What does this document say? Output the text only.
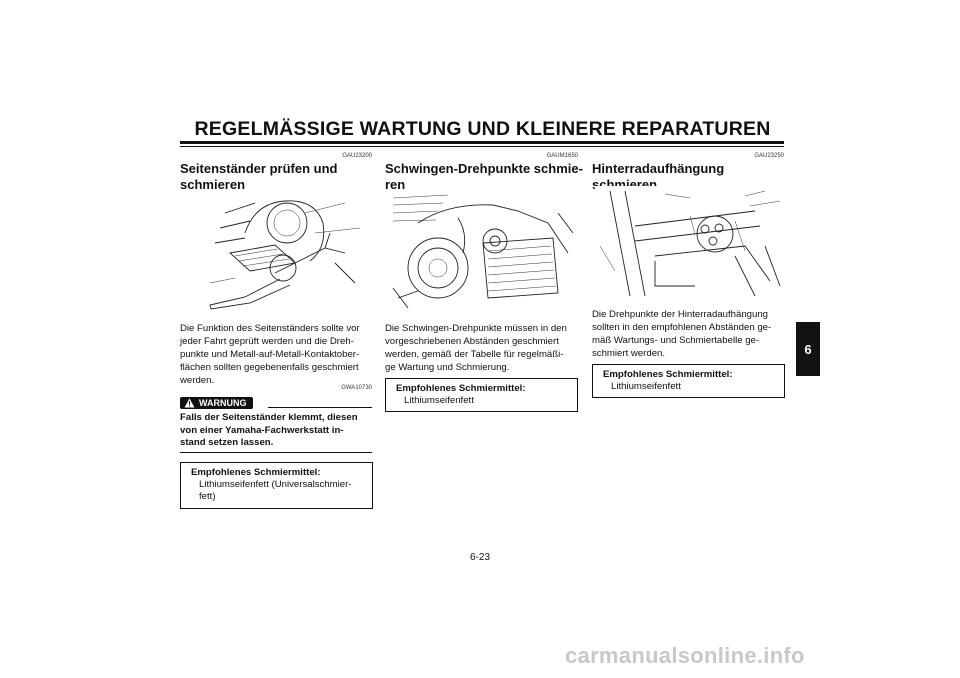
REGELMÄSSIGE WARTUNG UND KLEINERE REPARATUREN
GAU23200
Seitenständer prüfen und
schmieren
Die Funktion des Seitenständers sollte vor
jeder Fahrt geprüft werden und die Dreh-
punkte und Metall-auf-Metall-Kontaktober-
flächen sollten gegebenenfalls geschmiert
werden.
GWA10730
WARNUNG
Falls der Seitenständer klemmt, diesen
von einer Yamaha-Fachwerkstatt in-
stand setzen lassen.
Empfohlenes Schmiermittel:
Lithiumseifenfett (Universalschmier-
fett)
GAUM1650
Schwingen-Drehpunkte schmie-
ren
Die Schwingen-Drehpunkte müssen in den
vorgeschriebenen Abständen geschmiert
werden, gemäß der Tabelle für regelmäßi-
ge Wartung und Schmierung.
Empfohlenes Schmiermittel:
Lithiumseifenfett
GAU23250
Hinterradaufhängung schmieren
Die Drehpunkte der Hinterradaufhängung
sollten in den empfohlenen Abständen ge-
mäß Wartungs- und Schmiertabelle ge-
schmiert werden.
Empfohlenes Schmiermittel:
Lithiumseifenfett
6
6-23
carmanualsonline.info
